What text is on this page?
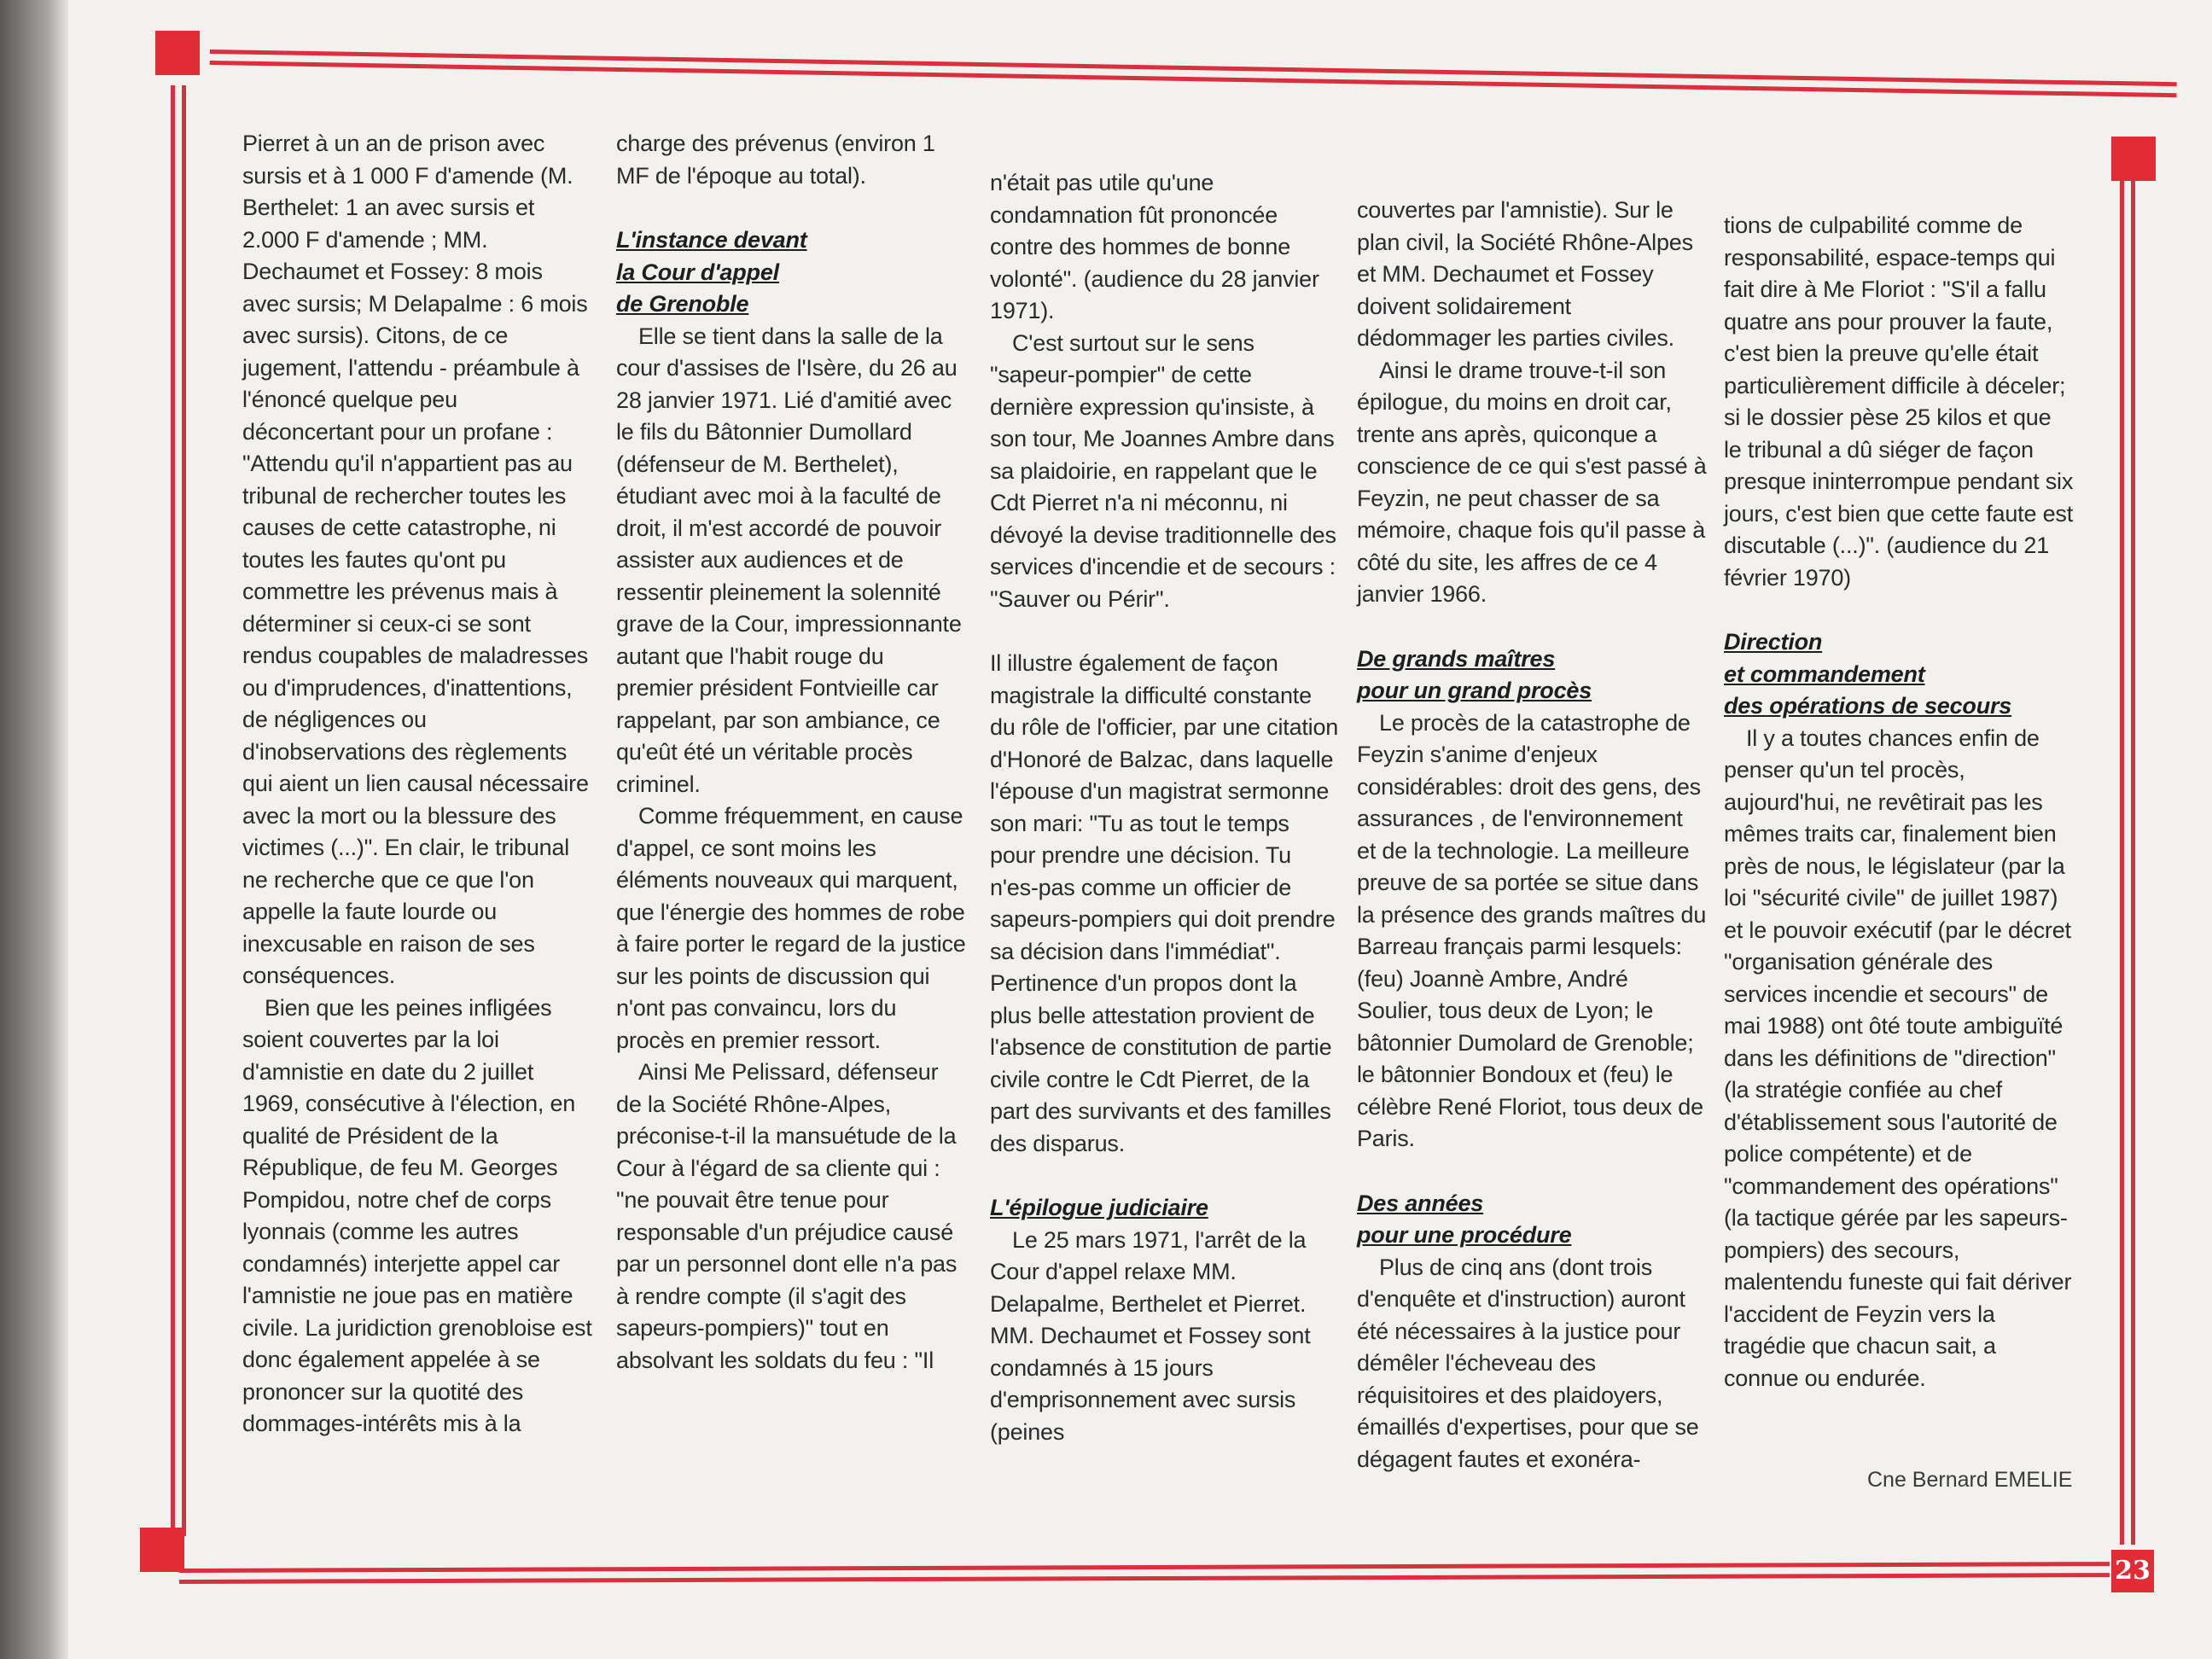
23

Pierret à un an de prison avec sursis et à 1 000 F d'amende (M. Berthelet: 1 an avec sursis et 2.000 F d'amende ; MM. Dechaumet et Fossey: 8 mois avec sursis; M Delapalme : 6 mois avec sursis). Citons, de ce jugement, l'attendu - préambule à l'énoncé quelque peu déconcertant pour un profane : "Attendu qu'il n'appartient pas au tribunal de rechercher toutes les causes de cette catastrophe, ni toutes les fautes qu'ont pu commettre les prévenus mais à déterminer si ceux-ci se sont rendus coupables de maladresses ou d'imprudences, d'inattentions, de négligences ou d'inobservations des règlements qui aient un lien causal nécessaire avec la mort ou la blessure des victimes (...)". En clair, le tribunal ne recherche que ce que l'on appelle la faute lourde ou inexcusable en raison de ses conséquences.

Bien que les peines infligées soient couvertes par la loi d'amnistie en date du 2 juillet 1969, consécutive à l'élection, en qualité de Président de la République, de feu M. Georges Pompidou, notre chef de corps lyonnais (comme les autres condamnés) interjette appel car l'amnistie ne joue pas en matière civile. La juridiction grenobloise est donc également appelée à se prononcer sur la quotité des dommages-intérêts mis à la

charge des prévenus (environ 1 MF de l'époque au total).

L'instance devant
la Cour d'appel
de Grenoble

Elle se tient dans la salle de la cour d'assises de l'Isère, du 26 au 28 janvier 1971. Lié d'amitié avec le fils du Bâtonnier Dumollard (défenseur de M. Berthelet), étudiant avec moi à la faculté de droit, il m'est accordé de pouvoir assister aux audiences et de ressentir pleinement la solennité grave de la Cour, impressionnante autant que l'habit rouge du premier président Fontvieille car rappelant, par son ambiance, ce qu'eût été un véritable procès criminel.

Comme fréquemment, en cause d'appel, ce sont moins les éléments nouveaux qui marquent, que l'énergie des hommes de robe à faire porter le regard de la justice sur les points de discussion qui n'ont pas convaincu, lors du procès en premier ressort.

Ainsi Me Pelissard, défenseur de la Société Rhône-Alpes, préconise-t-il la mansuétude de la Cour à l'égard de sa cliente qui : "ne pouvait être tenue pour responsable d'un préjudice causé par un personnel dont elle n'a pas à rendre compte (il s'agit des sapeurs-pompiers)" tout en absolvant les soldats du feu : "Il

n'était pas utile qu'une condamnation fût prononcée contre des hommes de bonne volonté". (audience du 28 janvier 1971).

C'est surtout sur le sens "sapeur-pompier" de cette dernière expression qu'insiste, à son tour, Me Joannes Ambre dans sa plaidoirie, en rappelant que le Cdt Pierret n'a ni méconnu, ni dévoyé la devise traditionnelle des services d'incendie et de secours : "Sauver ou Périr".

Il illustre également de façon magistrale la difficulté constante du rôle de l'officier, par une citation d'Honoré de Balzac, dans laquelle l'épouse d'un magistrat sermonne son mari: "Tu as tout le temps pour prendre une décision. Tu n'es-pas comme un officier de sapeurs-pompiers qui doit prendre sa décision dans l'immédiat". Pertinence d'un propos dont la plus belle attestation provient de l'absence de constitution de partie civile contre le Cdt Pierret, de la part des survivants et des familles des disparus.

L'épilogue judiciaire

Le 25 mars 1971, l'arrêt de la Cour d'appel relaxe MM. Delapalme, Berthelet et Pierret. MM. Dechaumet et Fossey sont condamnés à 15 jours d'emprisonnement avec sursis (peines

couvertes par l'amnistie). Sur le plan civil, la Société Rhône-Alpes et MM. Dechaumet et Fossey doivent solidairement dédommager les parties civiles.

Ainsi le drame trouve-t-il son épilogue, du moins en droit car, trente ans après, quiconque a conscience de ce qui s'est passé à Feyzin, ne peut chasser de sa mémoire, chaque fois qu'il passe à côté du site, les affres de ce 4 janvier 1966.

De grands maîtres
pour un grand procès

Le procès de la catastrophe de Feyzin s'anime d'enjeux considérables: droit des gens, des assurances , de l'environnement et de la technologie. La meilleure preuve de sa portée se situe dans la présence des grands maîtres du Barreau français parmi lesquels: (feu) Joannè Ambre, André Soulier, tous deux de Lyon; le bâtonnier Dumolard de Grenoble; le bâtonnier Bondoux et (feu) le célèbre René Floriot, tous deux de Paris.

Des années
pour une procédure

Plus de cinq ans (dont trois d'enquête et d'instruction) auront été nécessaires à la justice pour démêler l'écheveau des réquisitoires et des plaidoyers, émaillés d'expertises, pour que se dégagent fautes et exonéra-

tions de culpabilité comme de responsabilité, espace-temps qui fait dire à Me Floriot : "S'il a fallu quatre ans pour prouver la faute, c'est bien la preuve qu'elle était particulièrement difficile à déceler; si le dossier pèse 25 kilos et que le tribunal a dû siéger de façon presque ininterrompue pendant six jours, c'est bien que cette faute est discutable (...)". (audience du 21 février 1970)

Direction
et commandement
des opérations de secours

Il y a toutes chances enfin de penser qu'un tel procès, aujourd'hui, ne revêtirait pas les mêmes traits car, finalement bien près de nous, le législateur (par la loi "sécurité civile" de juillet 1987) et le pouvoir exécutif (par le décret "organisation générale des services incendie et secours" de mai 1988) ont ôté toute ambiguïté dans les définitions de "direction" (la stratégie confiée au chef d'établissement sous l'autorité de police compétente) et de "commandement des opérations" (la tactique gérée par les sapeurs-pompiers) des secours, malentendu funeste qui fait dériver l'accident de Feyzin vers la tragédie que chacun sait, a connue ou endurée.

Cne Bernard EMELIE
